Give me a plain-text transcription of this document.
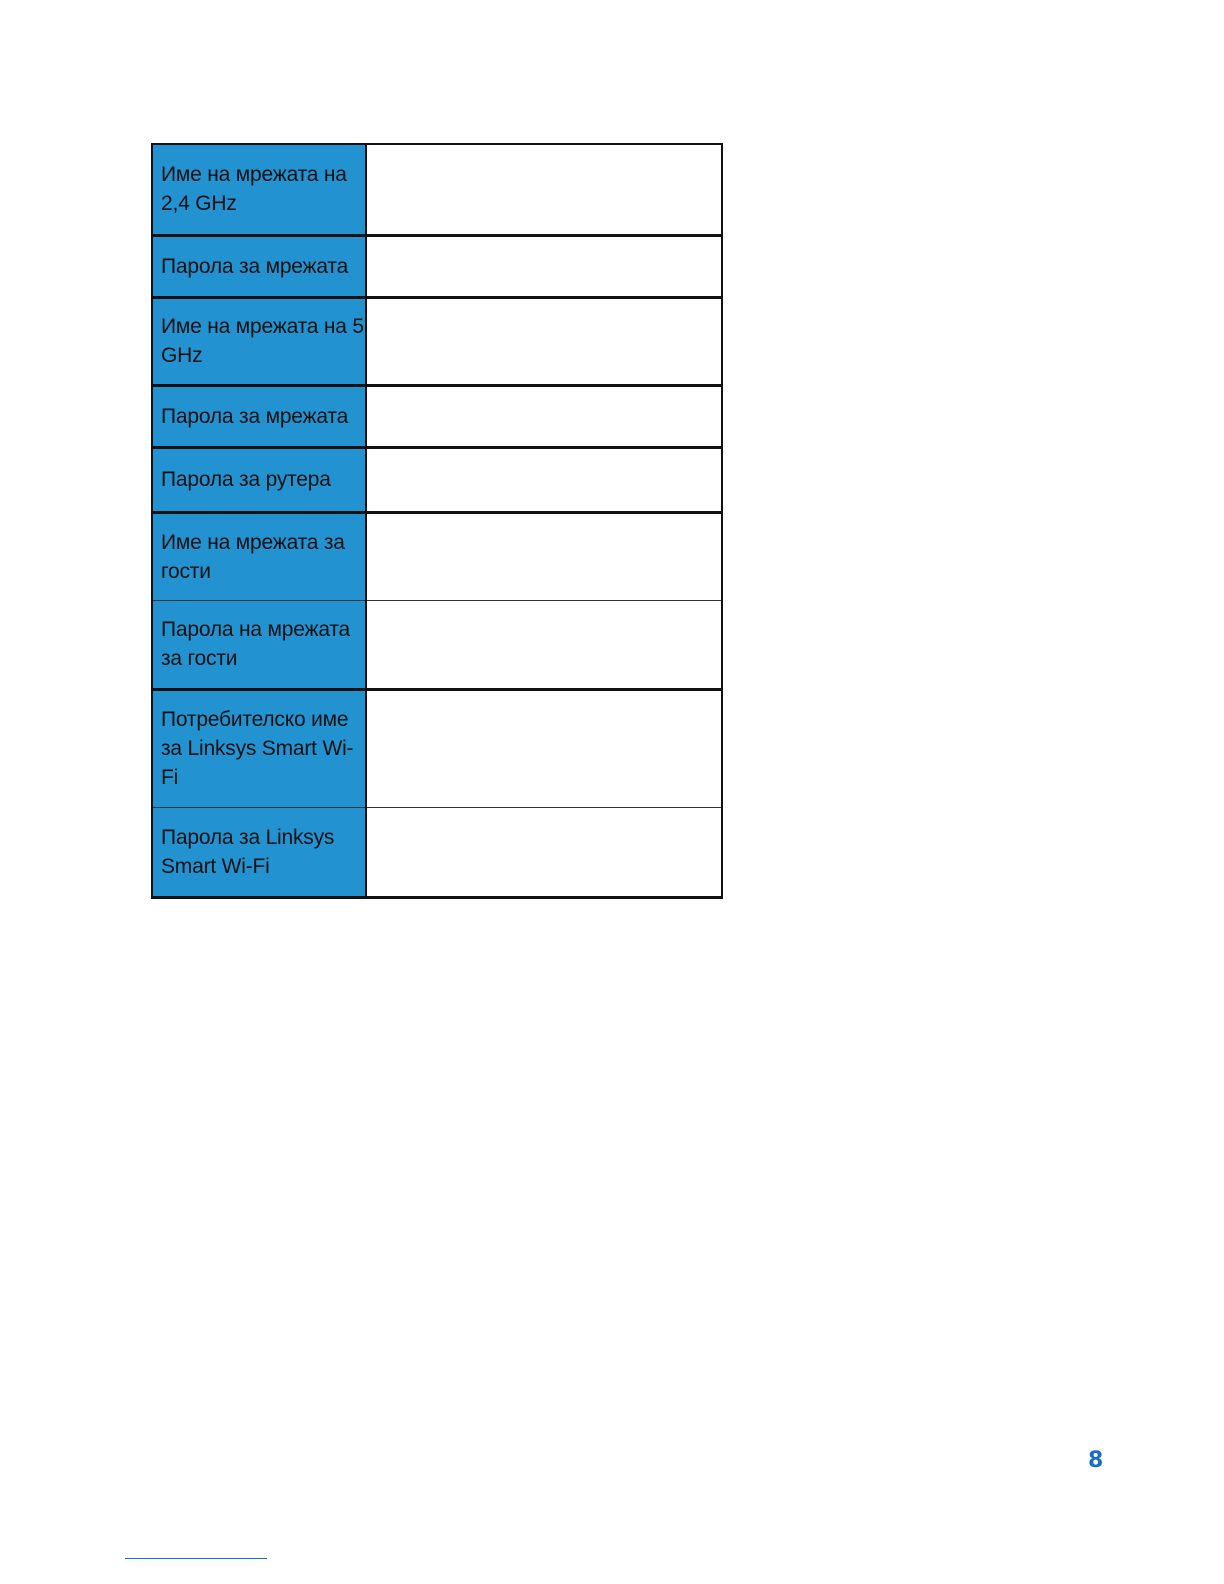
Име на мрежата на 2,4 GHz	
Парола за мрежата	
Име на мрежата на 5 GHz	
Парола за мрежата	
Парола за рутера	
Име на мрежата за гости	
Парола на мрежата за гости	
Потребителско име за Linksys Smart Wi-Fi	
Парола за Linksys Smart Wi-Fi	
8
